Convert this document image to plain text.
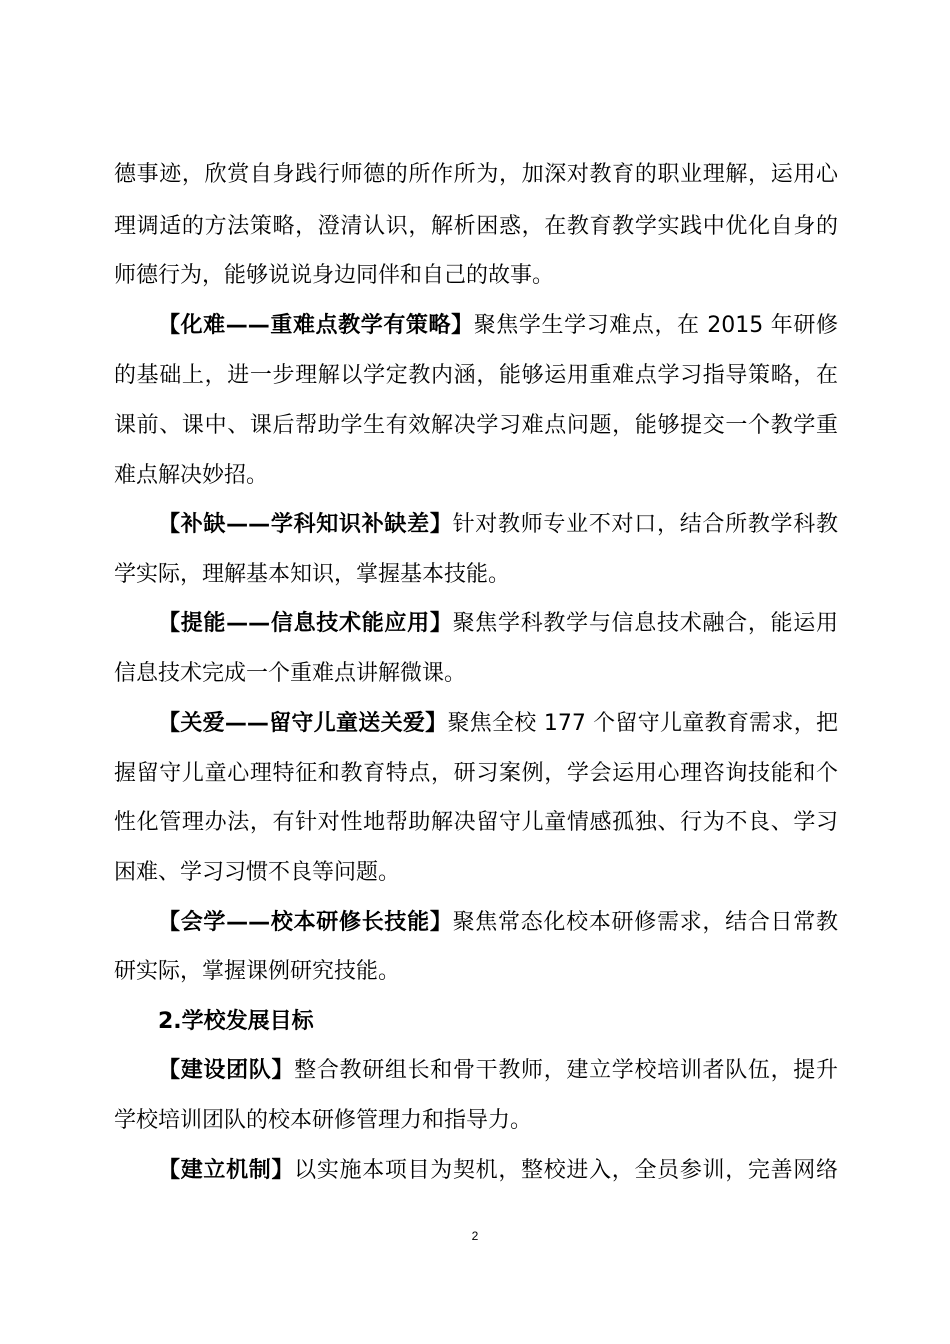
德事迹，欣赏自身践行师德的所作所为，加深对教育的职业理解，运用心
理调适的方法策略，澄清认识，解析困惑，在教育教学实践中优化自身的
师德行为，能够说说身边同伴和自己的故事。
【化难——重难点教学有策略】聚焦学生学习难点，在 2015 年研修
的基础上，进一步理解以学定教内涵，能够运用重难点学习指导策略，在
课前、课中、课后帮助学生有效解决学习难点问题，能够提交一个教学重
难点解决妙招。
【补缺——学科知识补缺差】针对教师专业不对口，结合所教学科教
学实际，理解基本知识，掌握基本技能。
【提能——信息技术能应用】聚焦学科教学与信息技术融合，能运用
信息技术完成一个重难点讲解微课。
【关爱——留守儿童送关爱】聚焦全校 177 个留守儿童教育需求，把
握留守儿童心理特征和教育特点，研习案例，学会运用心理咨询技能和个
性化管理办法，有针对性地帮助解决留守儿童情感孤独、行为不良、学习
困难、学习习惯不良等问题。
【会学——校本研修长技能】聚焦常态化校本研修需求，结合日常教
研实际，掌握课例研究技能。
2.学校发展目标
【建设团队】整合教研组长和骨干教师，建立学校培训者队伍，提升
学校培训团队的校本研修管理力和指导力。
【建立机制】以实施本项目为契机，整校进入，全员参训，完善网络
2
